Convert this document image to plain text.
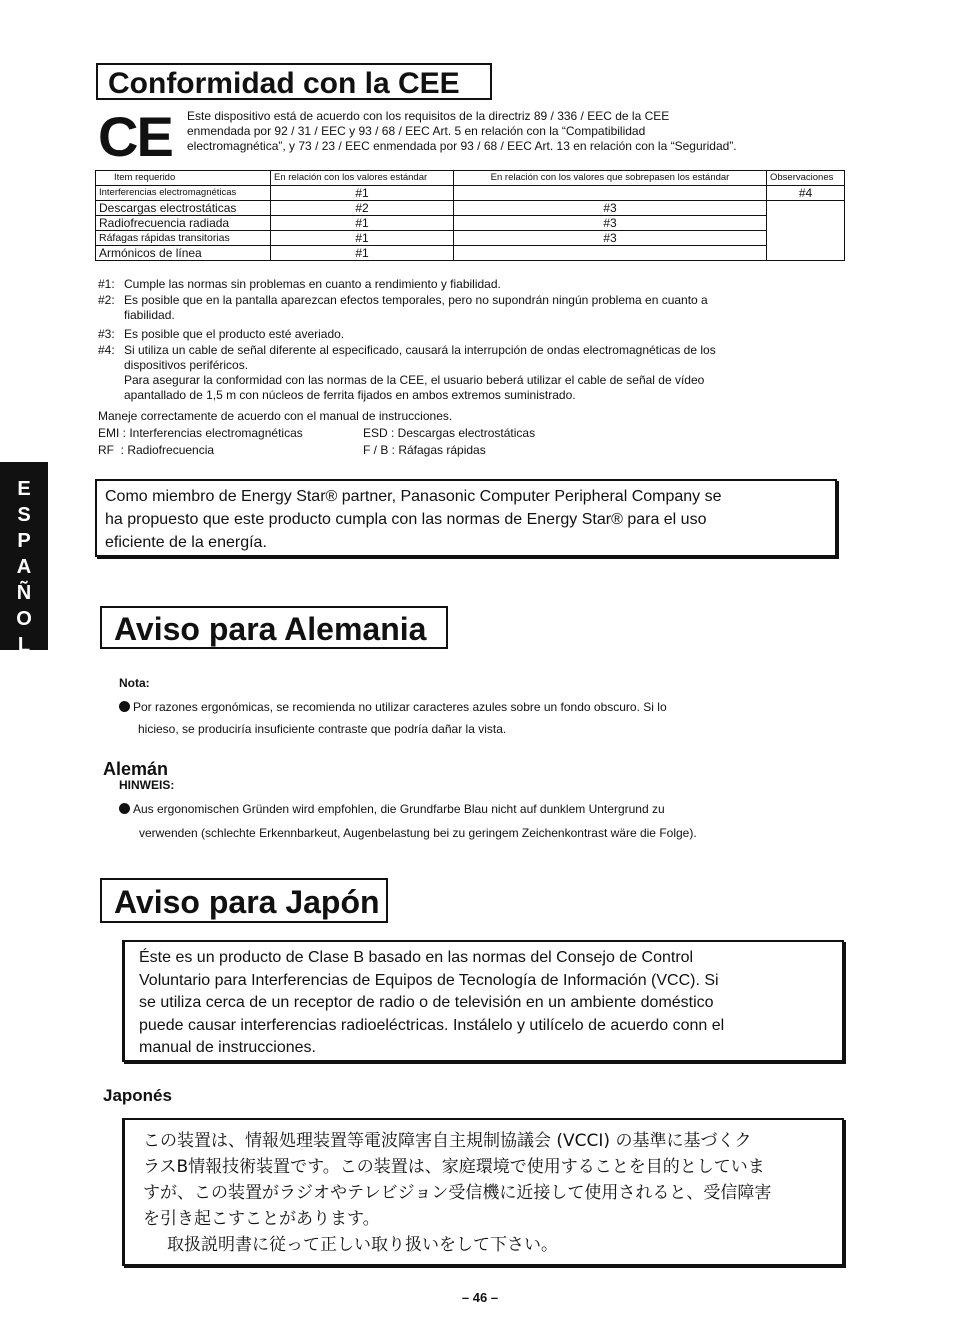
E
S
P
A
Ñ
O
L
Conformidad con la CEE
CE Este dispositivo está de acuerdo con los requisitos de la directriz 89 / 336 / EEC de la CEE
enmendada por 92 / 31 / EEC y 93 / 68 / EEC Art. 5 en relación con la “Compatibilidad
electromagnética”, y 73 / 23 / EEC enmendada por 93 / 68 / EEC Art. 13 en relación con la “Seguridad”.
Item requerido	En relación con los valores estándar	En relación con los valores que sobrepasen los estándar	Observaciones
Interferencias electromagnéticas	#1		#4
Descargas electrostáticas	#2	#3	
Radiofrecuencia radiada	#1	#3	
Ráfagas rápidas transitorias	#1	#3	
Armónicos de línea	#1		
#1: Cumple las normas sin problemas en cuanto a rendimiento y fiabilidad.
#2: Es posible que en la pantalla aparezcan efectos temporales, pero no supondrán ningún problema en cuanto a
fiabilidad.
#3: Es posible que el producto esté averiado.
#4: Si utiliza un cable de señal diferente al especificado, causará la interrupción de ondas electromagnéticas de los
dispositivos periféricos.
Para asegurar la conformidad con las normas de la CEE, el usuario beberá utilizar el cable de señal de vídeo
apantallado de 1,5 m con núcleos de ferrita fijados en ambos extremos suministrado.
Maneje correctamente de acuerdo con el manual de instrucciones.
EMI : Interferencias electromagnéticas	ESD : Descargas electrostáticas
RF  : Radiofrecuencia	F / B : Ráfagas rápidas
Como miembro de Energy Star® partner, Panasonic Computer Peripheral Company se
ha propuesto que este producto cumpla con las normas de Energy Star® para el uso
eficiente de la energía.
Aviso para Alemania
Nota:
Por razones ergonómicas, se recomienda no utilizar caracteres azules sobre un fondo obscuro. Si lo
hicieso, se produciría insuficiente contraste que podría dañar la vista.
Alemán
HINWEIS:
Aus ergonomischen Gründen wird empfohlen, die Grundfarbe Blau nicht auf dunklem Untergrund zu
verwenden (schlechte Erkennbarkeut, Augenbelastung bei zu geringem Zeichenkontrast wäre die Folge).
Aviso para Japón
Éste es un producto de Clase B basado en las normas del Consejo de Control
Voluntario para Interferencias de Equipos de Tecnología de Información (VCC). Si
se utiliza cerca de un receptor de radio o de televisión en un ambiente doméstico
puede causar interferencias radioeléctricas. Instálelo y utilícelo de acuerdo conn el
manual de instrucciones.
Japonés
この装置は、情報処理装置等電波障害自主規制協議会 (VCCI) の基準に基づくク
ラスB情報技術装置です。この装置は、家庭環境で使用することを目的としていま
すが、この装置がラジオやテレビジョン受信機に近接して使用されると、受信障害
を引き起こすことがあります。
取扱説明書に従って正しい取り扱いをして下さい。
– 46 –
